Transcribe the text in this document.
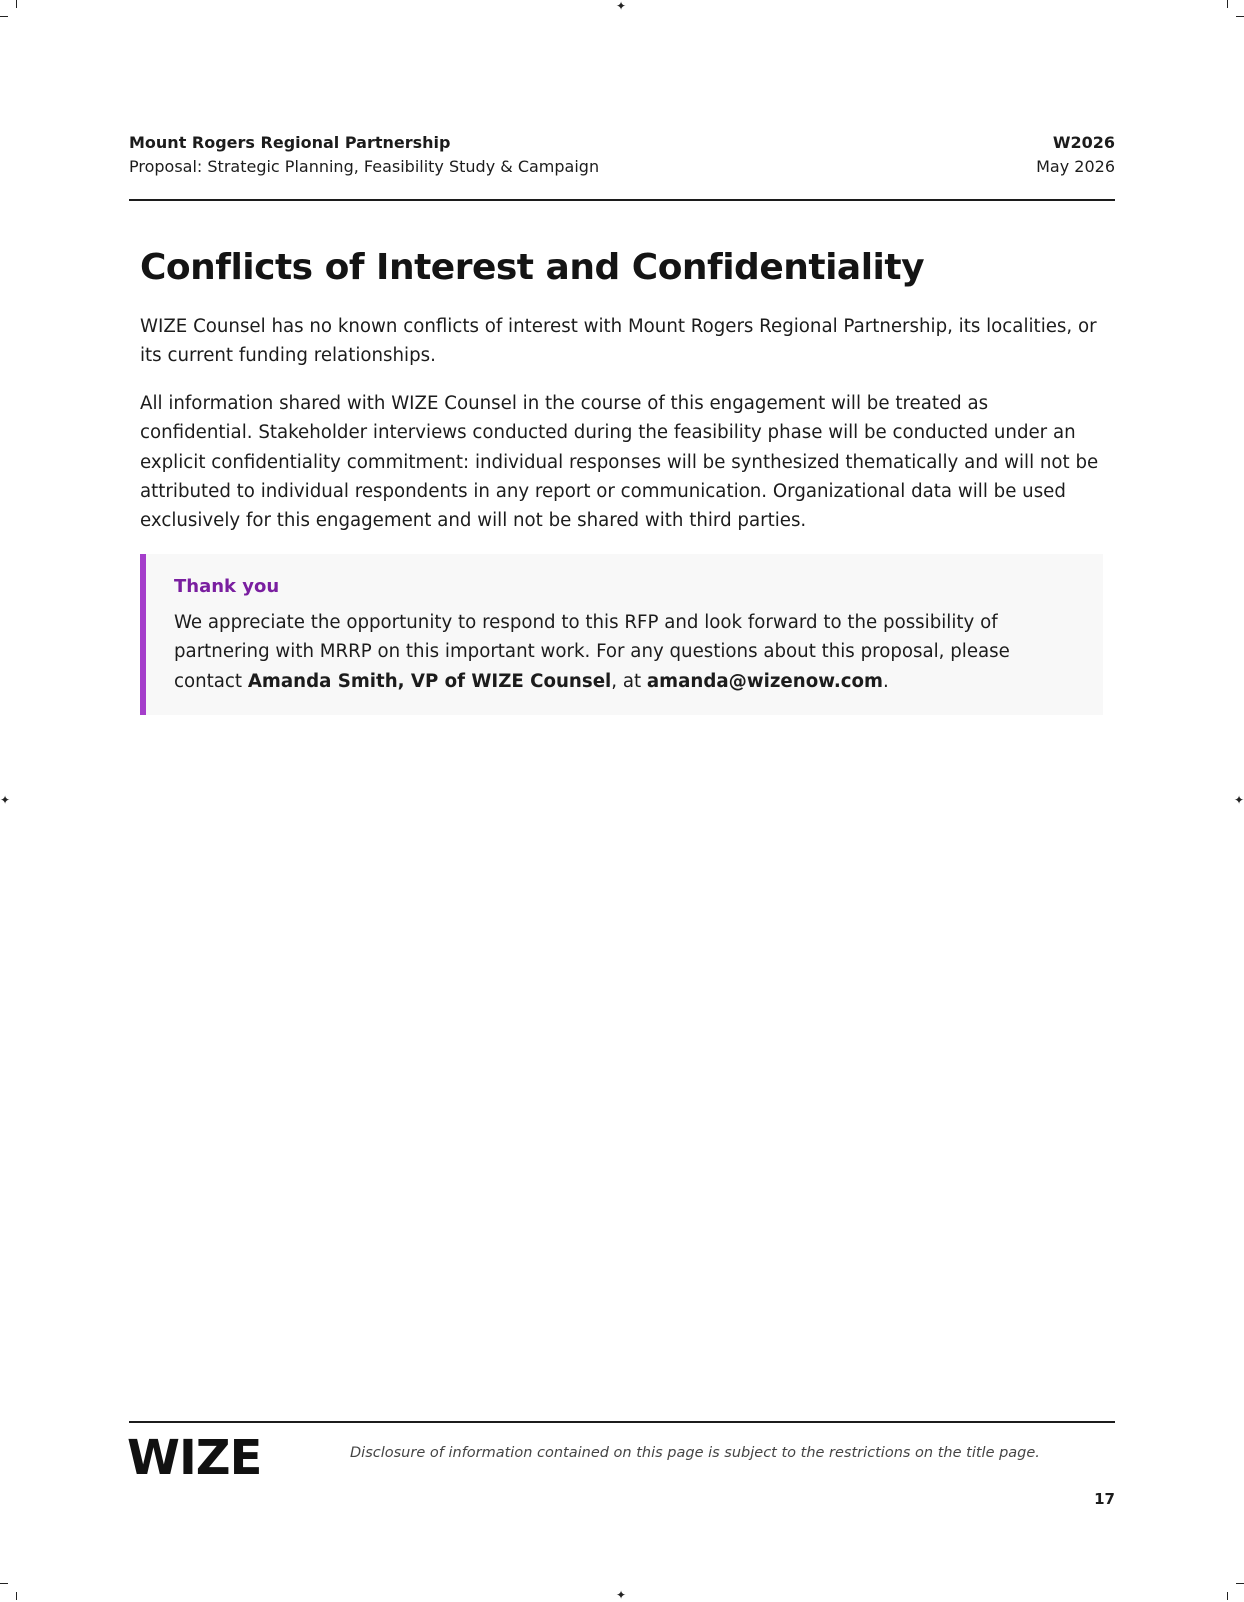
✦
✦
✦	✦
Mount Rogers Regional Partnership
Proposal: Strategic Planning, Feasibility Study & Campaign
W2026
May 2026
Conflicts of Interest and Confidentiality

WIZE Counsel has no known conflicts of interest with Mount Rogers Regional Partnership, its localities, or its current funding relationships.

All information shared with WIZE Counsel in the course of this engagement will be treated as confidential. Stakeholder interviews conducted during the feasibility phase will be conducted under an explicit confidentiality commitment: individual responses will be synthesized thematically and will not be attributed to individual respondents in any report or communication. Organizational data will be used exclusively for this engagement and will not be shared with third parties.

Thank you

We appreciate the opportunity to respond to this RFP and look forward to the possibility of partnering with MRRP on this important work. For any questions about this proposal, please contact Amanda Smith, VP of WIZE Counsel, at amanda@wizenow.com.

WIZE	Disclosure of information contained on this page is subject to the restrictions on the title page.
17
